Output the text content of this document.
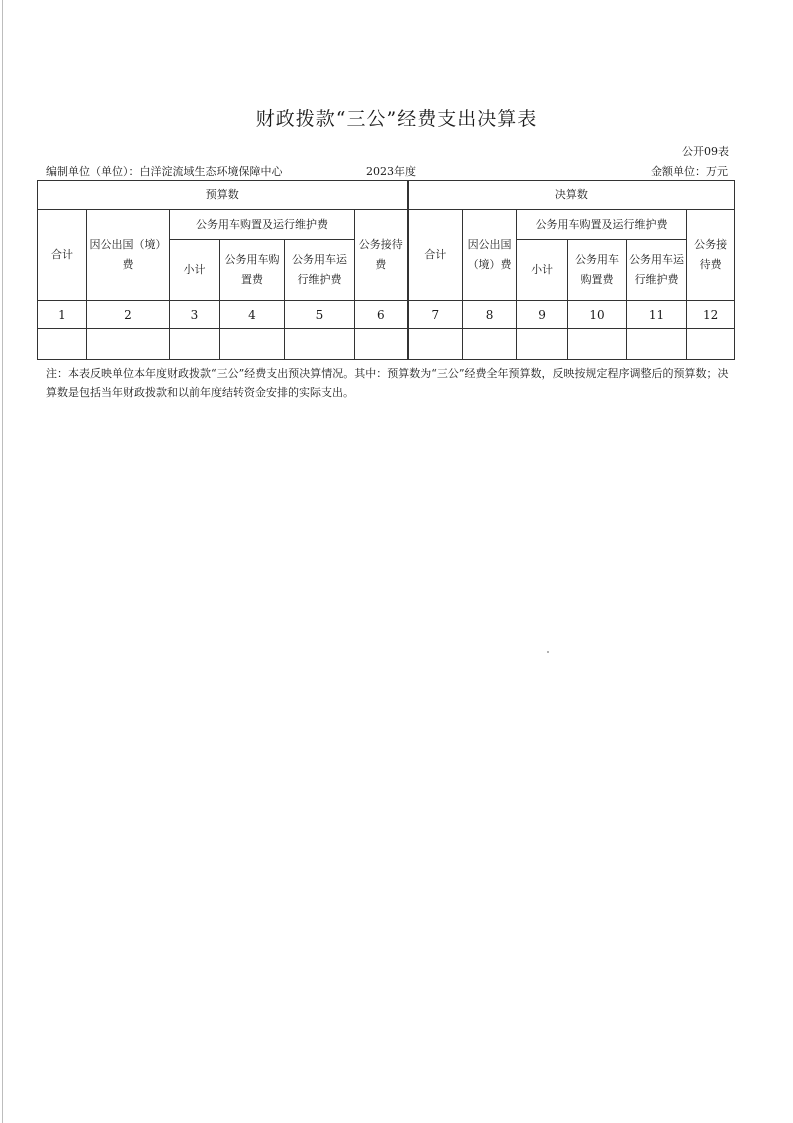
财政拨款“三公”经费支出决算表
公开09表
编制单位（单位）：白洋淀流域生态环境保障中心	2023年度	金额单位：万元
预算数						决算数					
合计	因公出国（境）费	公务用车购置及运行维护费			公务接待费	合计	因公出国（境）费	公务用车购置及运行维护费			公务接待费
		小计	公务用车购置费	公务用车运行维护费				小计	公务用车购置费	公务用车运行维护费	
1	2	3	4	5	6	7	8	9	10	11	12

注：本表反映单位本年度财政拨款“三公”经费支出预决算情况。其中：预算数为“三公”经费全年预算数，反映按规定程序调整后的预算数；决算数是包括当年财政拨款和以前年度结转资金安排的实际支出。
